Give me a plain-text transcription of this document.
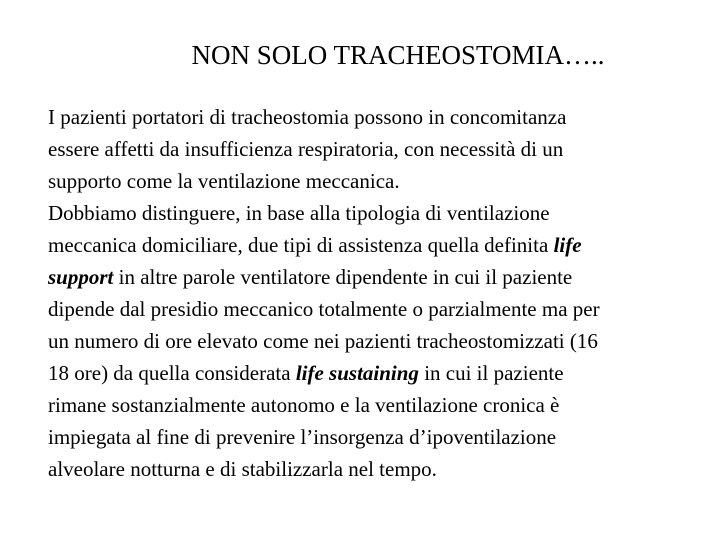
NON SOLO TRACHEOSTOMIA…..
I pazienti portatori di tracheostomia possono in concomitanza
essere affetti da insufficienza respiratoria, con necessità di un
supporto come la ventilazione meccanica.
Dobbiamo distinguere, in base alla tipologia di ventilazione
meccanica domiciliare, due tipi di assistenza quella definita life
support in altre parole ventilatore dipendente in cui il paziente
dipende dal presidio meccanico totalmente o parzialmente ma per
un numero di ore elevato come nei pazienti tracheostomizzati (16
18 ore) da quella considerata life sustaining in cui il paziente
rimane sostanzialmente autonomo e la ventilazione cronica è
impiegata al fine di prevenire l’insorgenza d’ipoventilazione
alveolare notturna e di stabilizzarla nel tempo.
